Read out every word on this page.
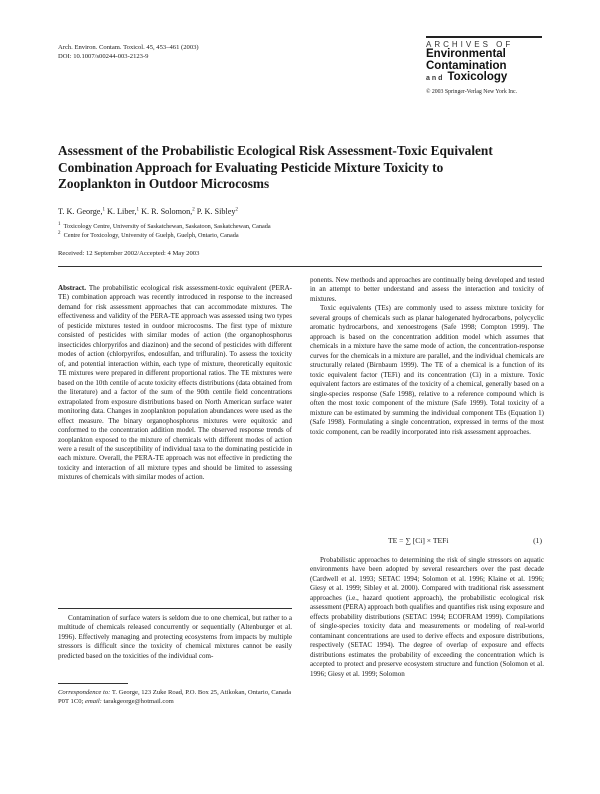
Arch. Environ. Contam. Toxicol. 45, 453–461 (2003)
DOI: 10.1007/s00244-003-2123-9
ARCHIVES OF
Environmental
Contamination
and Toxicology
© 2003 Springer-Verlag New York Inc.
Assessment of the Probabilistic Ecological Risk Assessment-Toxic Equivalent Combination Approach for Evaluating Pesticide Mixture Toxicity to Zooplankton in Outdoor Microcosms
T. K. George,$^1$ K. Liber,$^1$ K. R. Solomon,$^2$ P. K. Sibley$^2$
$^1$ Toxicology Centre, University of Saskatchewan, Saskatoon, Saskatchewan, Canada
$^2$ Centre for Toxicology, University of Guelph, Guelph, Ontario, Canada
Received: 12 September 2002/Accepted: 4 May 2003

Abstract. The probabilistic ecological risk assessment-toxic equivalent (PERA-TE) combination approach was recently introduced in response to the increased demand for risk assessment approaches that can accommodate mixtures. The effectiveness and validity of the PERA-TE approach was assessed using two types of pesticide mixtures tested in outdoor microcosms. The first type of mixture consisted of pesticides with similar modes of action (the organophosphorus insecticides chlorpyrifos and diazinon) and the second of pesticides with different modes of action (chlorpyrifos, endosulfan, and trifluralin). To assess the toxicity of, and potential interaction within, each type of mixture, theoretically equitoxic TE mixtures were prepared in different proportional ratios. The TE mixtures were based on the 10th centile of acute toxicity effects distributions (data obtained from the literature) and a factor of the sum of the 90th centile field concentrations extrapolated from exposure distributions based on North American surface water monitoring data. Changes in zooplankton population abundances were used as the effect measure. The binary organophosphorus mixtures were equitoxic and conformed to the concentration addition model. The observed response trends of zooplankton exposed to the mixture of chemicals with different modes of action were a result of the susceptibility of individual taxa to the dominating pesticide in each mixture. Overall, the PERA-TE approach was not effective in predicting the toxicity and interaction of all mixture types and should be limited to assessing mixtures of chemicals with similar modes of action.

Contamination of surface waters is seldom due to one chemical, but rather to a multitude of chemicals released concurrently or sequentially (Altenburger et al. 1996). Effectively managing and protecting ecosystems from impacts by multiple stressors is difficult since the toxicity of chemical mixtures cannot be easily predicted based on the toxicities of the individual com-

Correspondence to: T. George, 123 Zuke Road, P.O. Box 25, Atikokan, Ontario, Canada P0T 1C0; email: tarakgeorge@hotmail.com

ponents. New methods and approaches are continually being developed and tested in an attempt to better understand and assess the interaction and toxicity of mixtures.

Toxic equivalents (TEs) are commonly used to assess mixture toxicity for several groups of chemicals such as planar halogenated hydrocarbons, polycyclic aromatic hydrocarbons, and xenoestrogens (Safe 1998; Compton 1999). The approach is based on the concentration addition model which assumes that chemicals in a mixture have the same mode of action, the concentration-response curves for the chemicals in a mixture are parallel, and the individual chemicals are structurally related (Birnbaum 1999). The TE of a chemical is a function of its toxic equivalent factor (TEFi) and its concentration (Ci) in a mixture. Toxic equivalent factors are estimates of the toxicity of a chemical, generally based on a single-species response (Safe 1998), relative to a reference compound which is often the most toxic component of the mixture (Safe 1999). Total toxicity of a mixture can be estimated by summing the individual component TEs (Equation 1) (Safe 1998). Formulating a single concentration, expressed in terms of the most toxic component, can be readily incorporated into risk assessment approaches.

TE = ∑ [Ci] × TEFi	(1)

Probabilistic approaches to determining the risk of single stressors on aquatic environments have been adopted by several researchers over the past decade (Cardwell et al. 1993; SETAC 1994; Solomon et al. 1996; Klaine et al. 1996; Giesy et al. 1999; Sibley et al. 2000). Compared with traditional risk assessment approaches (i.e., hazard quotient approach), the probabilistic ecological risk assessment (PERA) approach both qualifies and quantifies risk using exposure and effects probability distributions (SETAC 1994; ECOFRAM 1999). Compilations of single-species toxicity data and measurements or modeling of real-world contaminant concentrations are used to derive effects and exposure distributions, respectively (SETAC 1994). The degree of overlap of exposure and effects distributions estimates the probability of exceeding the concentration which is accepted to protect and preserve ecosystem structure and function (Solomon et al. 1996; Giesy et al. 1999; Solomon
